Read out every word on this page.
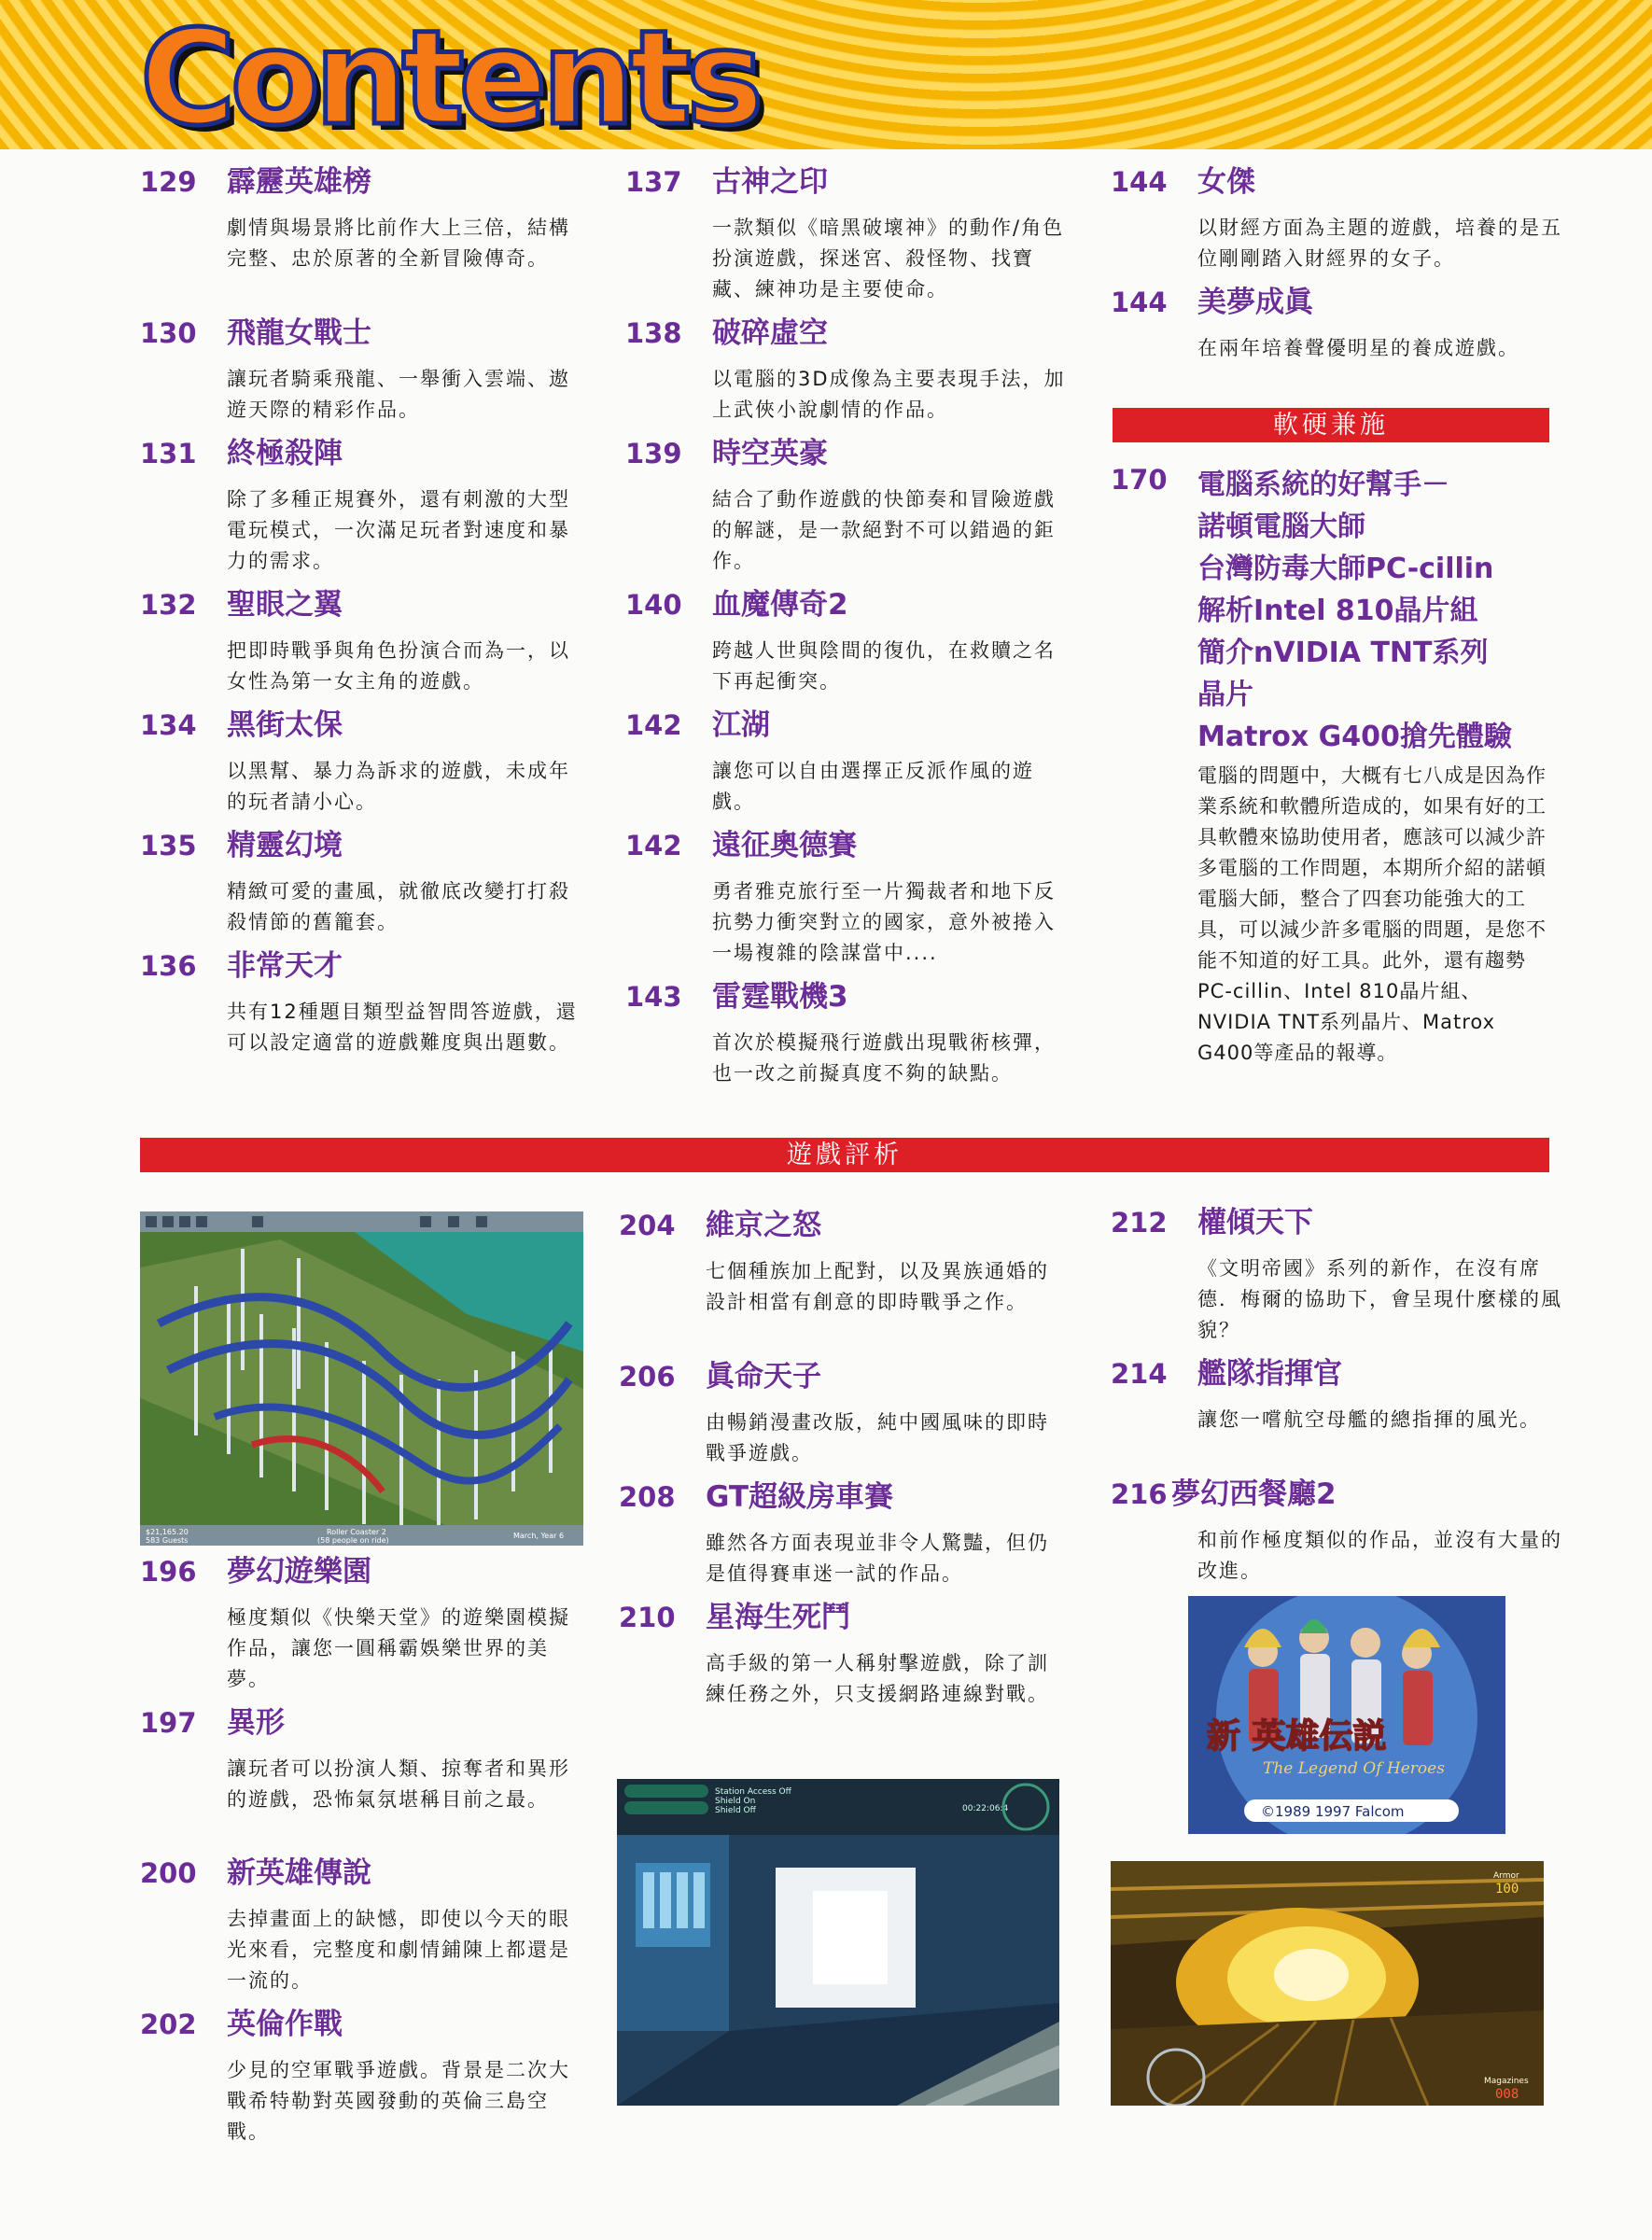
Contents
129	霹靂英雄榜
劇情與場景將比前作大上三倍，結構完整、忠於原著的全新冒險傳奇。
130	飛龍女戰士
讓玩者騎乘飛龍、一舉衝入雲端、遨遊天際的精彩作品。
131	終極殺陣
除了多種正規賽外，還有刺激的大型電玩模式，一次滿足玩者對速度和暴力的需求。
132	聖眼之翼
把即時戰爭與角色扮演合而為一，以女性為第一女主角的遊戲。
134	黑街太保
以黑幫、暴力為訴求的遊戲，未成年的玩者請小心。
135	精靈幻境
精緻可愛的畫風，就徹底改變打打殺殺情節的舊籠套。
136	非常天才
共有12種題目類型益智問答遊戲，還可以設定適當的遊戲難度與出題數。
137	古神之印
一款類似《暗黑破壞神》的動作/角色扮演遊戲，探迷宮、殺怪物、找寶藏、練神功是主要使命。
138	破碎虛空
以電腦的3D成像為主要表現手法，加上武俠小說劇情的作品。
139	時空英豪
結合了動作遊戲的快節奏和冒險遊戲的解謎，是一款絕對不可以錯過的鉅作。
140	血魔傳奇2
跨越人世與陰間的復仇，在救贖之名下再起衝突。
142	江湖
讓您可以自由選擇正反派作風的遊戲。
142	遠征奧德賽
勇者雅克旅行至一片獨裁者和地下反抗勢力衝突對立的國家，意外被捲入一場複雜的陰謀當中....
143	雷霆戰機3
首次於模擬飛行遊戲出現戰術核彈，也一改之前擬真度不夠的缺點。
144	女傑
以財經方面為主題的遊戲，培養的是五位剛剛踏入財經界的女子。
144	美夢成眞
在兩年培養聲優明星的養成遊戲。
軟硬兼施
170	電腦系統的好幫手－
諾頓電腦大師
台灣防毒大師PC-cillin
解析Intel 810晶片組
簡介nVIDIA TNT系列
晶片
Matrox G400搶先體驗
電腦的問題中，大概有七八成是因為作業系統和軟體所造成的，如果有好的工具軟體來協助使用者，應該可以減少許多電腦的工作問題，本期所介紹的諾頓電腦大師，整合了四套功能強大的工具，可以減少許多電腦的問題，是您不能不知道的好工具。此外，還有趨勢PC-cillin、Intel 810晶片組、NVIDIA TNT系列晶片、Matrox G400等產品的報導。
遊戲評析
$21,165.20
583 Guests
Roller Coaster 2
(58 people on ride)
March, Year 6
196	夢幻遊樂園
極度類似《快樂天堂》的遊樂園模擬作品，讓您一圓稱霸娛樂世界的美夢。
197	異形
讓玩者可以扮演人類、掠奪者和異形的遊戲，恐怖氣氛堪稱目前之最。
200	新英雄傳說
去掉畫面上的缺憾，即使以今天的眼光來看，完整度和劇情鋪陳上都還是一流的。
202	英倫作戰
少見的空軍戰爭遊戲。背景是二次大戰希特勒對英國發動的英倫三島空戰。
204	維京之怒
七個種族加上配對，以及異族通婚的設計相當有創意的即時戰爭之作。
206	眞命天子
由暢銷漫畫改版，純中國風味的即時戰爭遊戲。
208	GT超級房車賽
雖然各方面表現並非令人驚豔，但仍是值得賽車迷一試的作品。
210	星海生死鬥
高手級的第一人稱射擊遊戲，除了訓練任務之外，只支援網路連線對戰。
Station Access Off
Shield On
Shield Off	00:22:06:4
212	權傾天下
《文明帝國》系列的新作，在沒有席德．梅爾的協助下，會呈現什麼樣的風貌？
214	艦隊指揮官
讓您一嚐航空母艦的總指揮的風光。
216 夢幻西餐廳2
和前作極度類似的作品，並沒有大量的改進。
新 英雄伝説
The Legend Of Heroes
©1989 1997 Falcom
Armor
100
Magazines
008
